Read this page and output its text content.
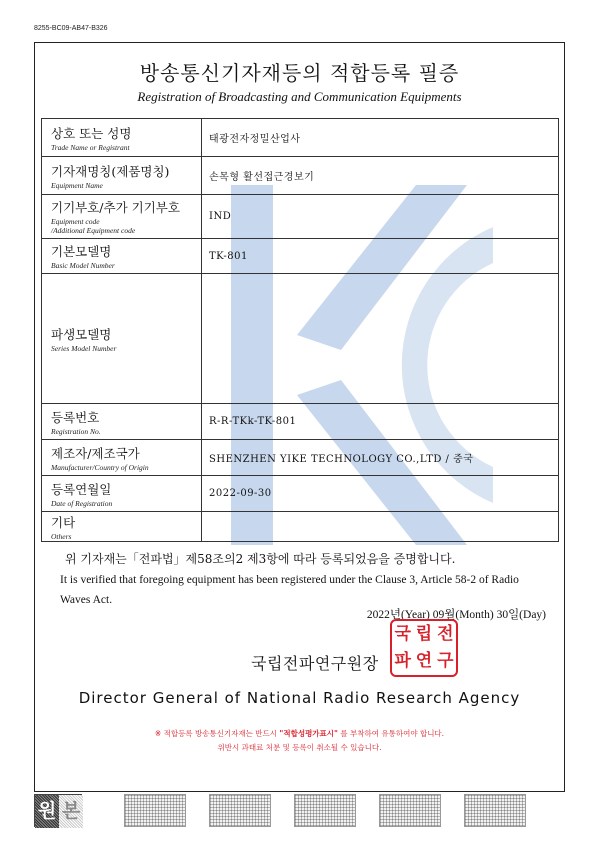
8255-BC09-AB47-B326
방송통신기자재등의 적합등록 필증
Registration of Broadcasting and Communication Equipments
상호 또는 성명
Trade Name or Registrant	태광전자정밀산업사

기자재명칭(제품명칭)
Equipment Name	손목형 활선접근경보기

기기부호/추가 기기부호
Equipment code
/Additional Equipment code	IND

기본모델명
Basic Model Number	TK-801

파생모델명
Series Model Number	

등록번호
Registration No.	R-R-TKk-TK-801

제조자/제조국가
Manufacturer/Country of Origin	SHENZHEN YIKE TECHNOLOGY CO.,LTD / 중국

등록연월일
Date of Registration	2022-09-30

기타
Others	

위 기자재는「전파법」제58조의2 제3항에 따라 등록되었음을 증명합니다.
It is verified that foregoing equipment has been registered under the Clause 3, Article 58-2 of Radio Waves Act.
2022년(Year) 09월(Month) 30일(Day)
국립전파연구원장
국 립 전
파 연 구
Director General of National Radio Research Agency
※ 적합등록 방송통신기자재는 반드시 "적합성평가표시" 를 부착하여 유통하여야 합니다.
위반시 과태료 처분 및 등록이 취소될 수 있습니다.
원 본
